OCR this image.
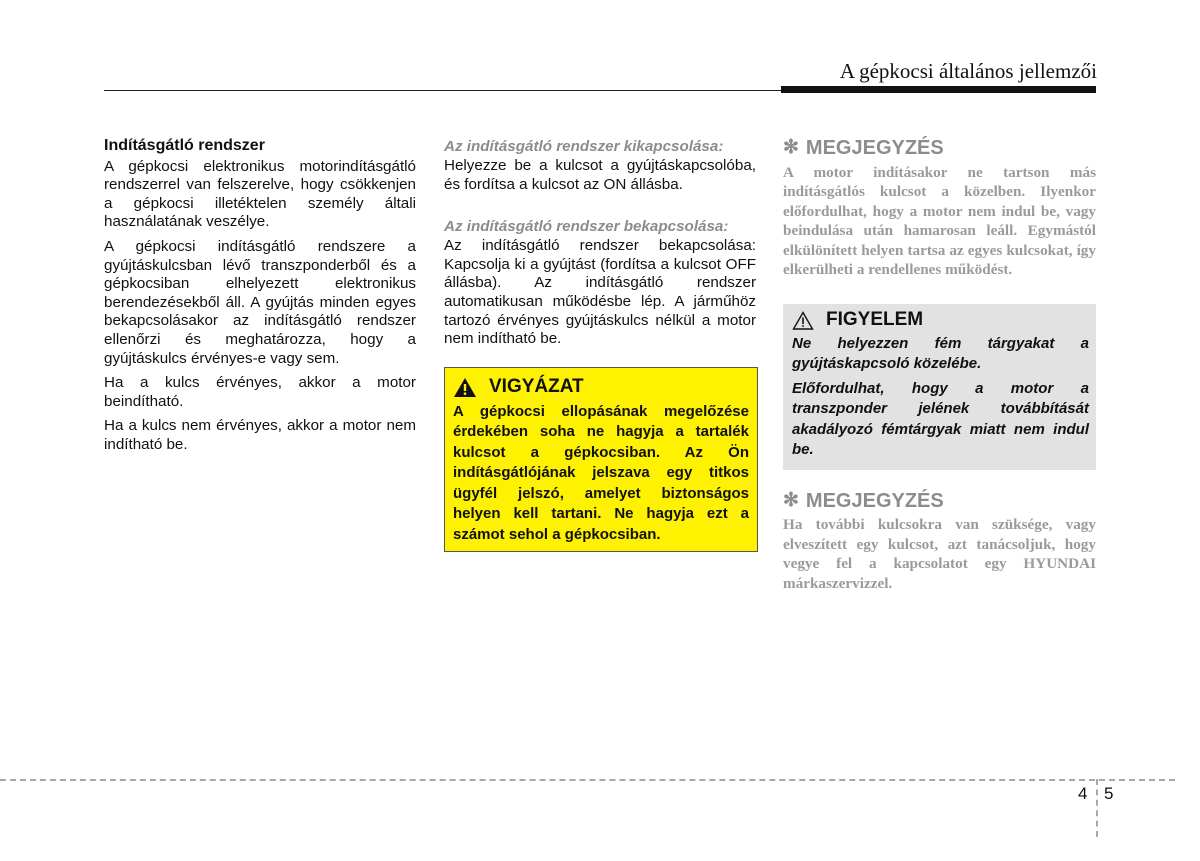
A gépkocsi általános jellemzői
Indításgátló rendszer

A gépkocsi elektronikus motorindításgátló rendszerrel van felszerelve, hogy csökkenjen a gépkocsi illetéktelen személy általi használatának veszélye.

A gépkocsi indításgátló rendszere a gyújtáskulcsban lévő transzponderből és a gépkocsiban elhelyezett elektronikus berendezésekből áll. A gyújtás minden egyes bekapcsolásakor az indításgátló rendszer ellenőrzi és meghatározza, hogy a gyújtáskulcs érvényes-e vagy sem.

Ha a kulcs érvényes, akkor a motor beindítható.

Ha a kulcs nem érvényes, akkor a motor nem indítható be.

Az indításgátló rendszer kikapcsolása:

Helyezze be a kulcsot a gyújtáskapcsolóba, és fordítsa a kulcsot az ON állásba.

Az indításgátló rendszer bekapcsolása:

Az indításgátló rendszer bekapcsolása: Kapcsolja ki a gyújtást (fordítsa a kulcsot OFF állásba). Az indításgátló rendszer automatikusan működésbe lép. A járműhöz tartozó érvényes gyújtáskulcs nélkül a motor nem indítható be.

VIGYÁZAT

A gépkocsi ellopásának megelőzése érdekében soha ne hagyja a tartalék kulcsot a gépkocsiban. Az Ön indításgátlójának jelszava egy titkos ügyfél jelszó, amelyet biztonságos helyen kell tartani. Ne hagyja ezt a számot sehol a gépkocsiban.

✻ MEGJEGYZÉS

A motor indításakor ne tartson más indításgátlós kulcsot a közelben. Ilyenkor előfordulhat, hogy a motor nem indul be, vagy beindulása után hamarosan leáll. Egymástól elkülönített helyen tartsa az egyes kulcsokat, így elkerülheti a rendellenes működést.

FIGYELEM

Ne helyezzen fém tárgyakat a gyújtáskapcsoló közelébe.

Előfordulhat, hogy a motor a transzponder jelének továbbítását akadályozó fémtárgyak miatt nem indul be.

✻ MEGJEGYZÉS

Ha további kulcsokra van szüksége, vagy elveszített egy kulcsot, azt tanácsoljuk, hogy vegye fel a kapcsolatot egy HYUNDAI márkaszervizzel.

4 5
